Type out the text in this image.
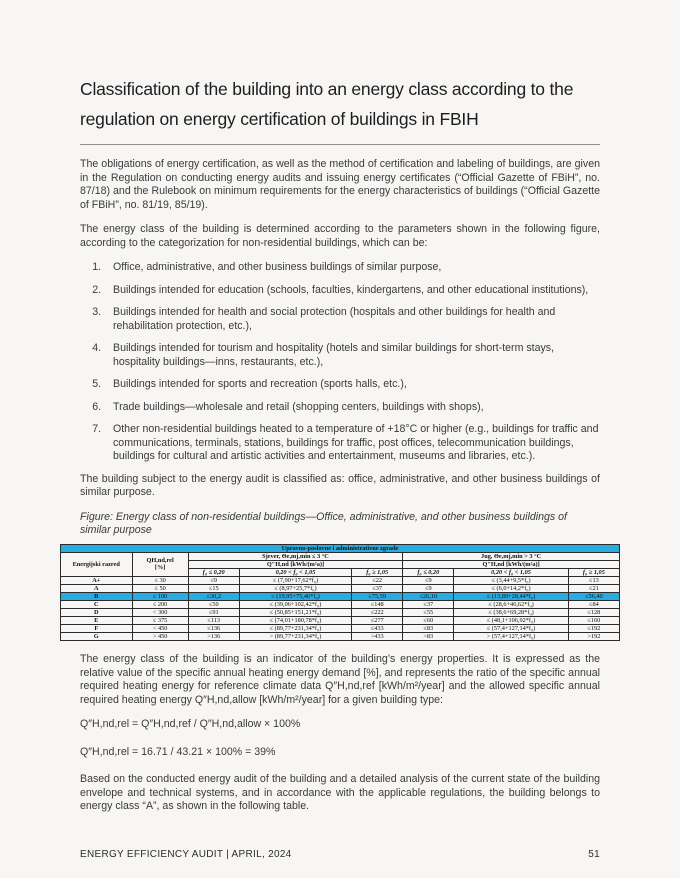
Classification of the building into an energy class according to the regulation on energy certification of buildings in FBIH

The obligations of energy certification, as well as the method of certification and labeling of buildings, are given in the Regulation on conducting energy audits and issuing energy certificates (“Official Gazette of FBiH”, no. 87/18) and the Rulebook on minimum requirements for the energy characteristics of buildings (“Official Gazette of FBiH”, no. 81/19, 85/19).

The energy class of the building is determined according to the parameters shown in the following figure, according to the categorization for non-residential buildings, which can be:

1. Office, administrative, and other business buildings of similar purpose,
2. Buildings intended for education (schools, faculties, kindergartens, and other educational institutions),
3. Buildings intended for health and social protection (hospitals and other buildings for health and rehabilitation protection, etc.),
4. Buildings intended for tourism and hospitality (hotels and similar buildings for short-term stays, hospitality buildings—inns, restaurants, etc.),
5. Buildings intended for sports and recreation (sports halls, etc.),
6. Trade buildings—wholesale and retail (shopping centers, buildings with shops),
7. Other non-residential buildings heated to a temperature of +18°C or higher (e.g., buildings for traffic and communications, terminals, stations, buildings for traffic, post offices, telecommunication buildings, buildings for cultural and artistic activities and entertainment, museums and libraries, etc.).

The building subject to the energy audit is classified as: office, administrative, and other business buildings of similar purpose.

Figure: Energy class of non-residential buildings—Office, administrative, and other business buildings of similar purpose

Upravno-poslovne i administrativne zgrade							
Energijski razred	QH,nd,rel
[%]	Sjever, Θe,mj,min ≤ 3 °C			Jug, Θe,mj,min > 3 °C		
		Q″H,nd [kWh/(m²a)]			Q″H,nd [kWh/(m²a)]		
		f₀ ≤ 0,20	0,20 < f₀ < 1,05	f₀ ≥ 1,05	f₀ ≤ 0,20	0,20 < f₀ < 1,05	f₀ ≥ 1,05
A+	≤ 30	≤9	≤ (7,90+17,62*f₀)	≤22	≤9	≤ (3,44+9,5*f₀)	≤13
A	≤ 50	≤15	≤ (8,97+25,7*f₀)	≤37	≤9	≤ (6,0+14,2*f₀)	≤21
B	≤ 100	≤30,2	≤ (19,95+75,46*f₀)	≤75,59	≤26,10	≤ (13,89+28,44*f₀)	≤56,40
C	≤ 200	≤50	≤ (39,06+102,42*f₀)	≤148	≤37	≤ (28,6+46,62*f₀)	≤84
D	< 300	≤91	≤ (50,85+151,21*f₀)	≤222	≤55	≤ (38,6+69,28*f₀)	≤128
E	≤ 375	≤113	≤ (74,01+180,78*f₀)	≤277	≤60	≤ (48,1+106,92*f₀)	≤160
F	< 450	≤136	≤ (89,77+231,34*f₀)	≤433	≤83	≤ (57,4+127,14*f₀)	≤192
G	> 450	>136	> (89,77+231,34*f₀)	>433	>83	> (57,4+127,14*f₀)	>192

The energy class of the building is an indicator of the building’s energy properties. It is expressed as the relative value of the specific annual heating energy demand [%], and represents the ratio of the specific annual required heating energy for reference climate data Q″H,nd,ref [kWh/m²/year] and the allowed specific annual required heating energy Q″H,nd,allow [kWh/m²/year] for a given building type:

Q″H,nd,rel = Q″H,nd,ref / Q″H,nd,allow × 100%

Q″H,nd,rel = 16.71 / 43.21 × 100% = 39%

Based on the conducted energy audit of the building and a detailed analysis of the current state of the building envelope and technical systems, and in accordance with the applicable regulations, the building belongs to energy class “A”, as shown in the following table.

ENERGY EFFICIENCY AUDIT | APRIL, 2024	51
